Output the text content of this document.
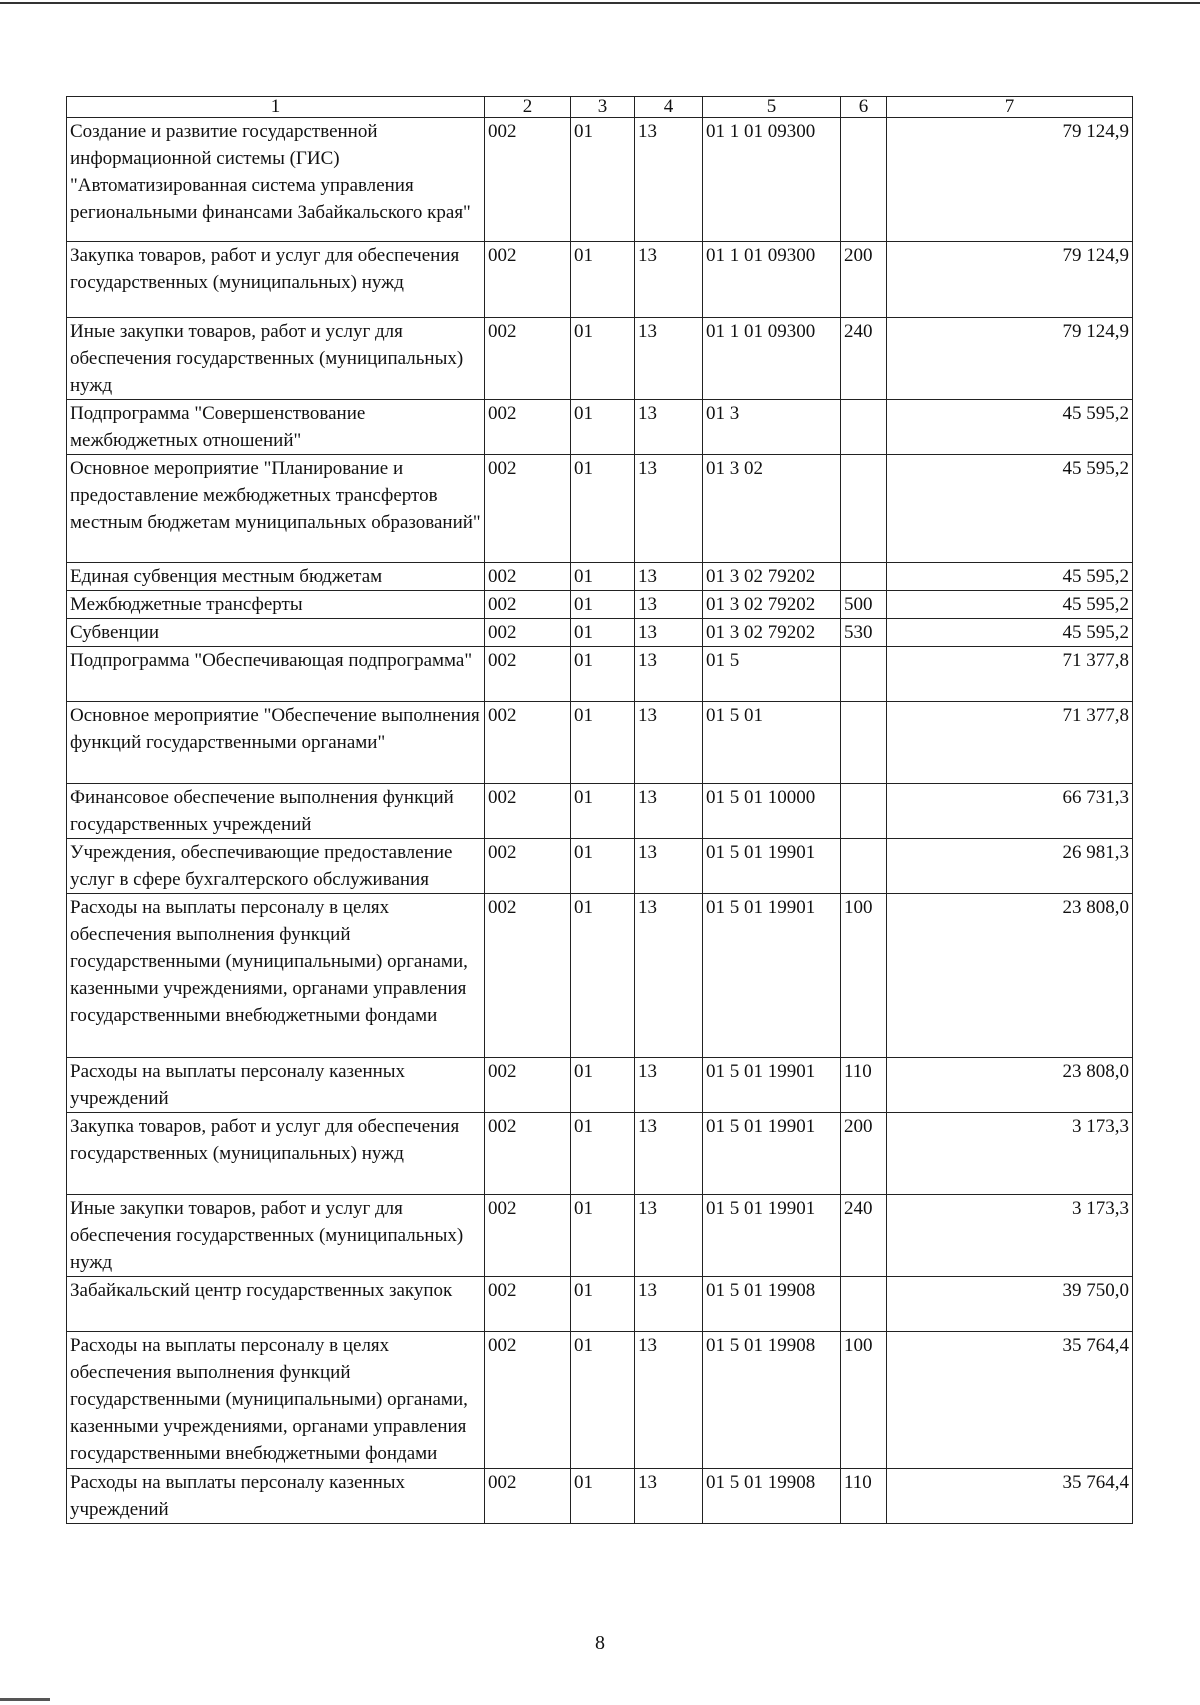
1	2	3	4	5	6	7
Создание и развитие государственной информационной системы (ГИС) "Автоматизированная система управления региональными финансами Забайкальского края"	002	01	13	01 1 01 09300		79 124,9
Закупка товаров, работ и услуг для обеспечения государственных (муниципальных) нужд	002	01	13	01 1 01 09300	200	79 124,9
Иные закупки товаров, работ и услуг для обеспечения государственных (муниципальных) нужд	002	01	13	01 1 01 09300	240	79 124,9
Подпрограмма "Совершенствование межбюджетных отношений"	002	01	13	01 3		45 595,2
Основное мероприятие "Планирование и предоставление межбюджетных трансфертов местным бюджетам муниципальных образований"	002	01	13	01 3 02		45 595,2
Единая субвенция местным бюджетам	002	01	13	01 3 02 79202		45 595,2
Межбюджетные трансферты	002	01	13	01 3 02 79202	500	45 595,2
Субвенции	002	01	13	01 3 02 79202	530	45 595,2
Подпрограмма "Обеспечивающая подпрограмма"	002	01	13	01 5		71 377,8
Основное мероприятие "Обеспечение выполнения функций государственными органами"	002	01	13	01 5 01		71 377,8
Финансовое обеспечение выполнения функций государственных учреждений	002	01	13	01 5 01 10000		66 731,3
Учреждения, обеспечивающие предоставление услуг в сфере бухгалтерского обслуживания	002	01	13	01 5 01 19901		26 981,3
Расходы на выплаты персоналу в целях обеспечения выполнения функций государственными (муниципальными) органами, казенными учреждениями, органами управления государственными внебюджетными фондами	002	01	13	01 5 01 19901	100	23 808,0
Расходы на выплаты персоналу казенных учреждений	002	01	13	01 5 01 19901	110	23 808,0
Закупка товаров, работ и услуг для обеспечения государственных (муниципальных) нужд	002	01	13	01 5 01 19901	200	3 173,3
Иные закупки товаров, работ и услуг для обеспечения государственных (муниципальных) нужд	002	01	13	01 5 01 19901	240	3 173,3
Забайкальский центр государственных закупок	002	01	13	01 5 01 19908		39 750,0
Расходы на выплаты персоналу в целях обеспечения выполнения функций государственными (муниципальными) органами, казенными учреждениями, органами управления государственными внебюджетными фондами	002	01	13	01 5 01 19908	100	35 764,4
Расходы на выплаты персоналу казенных учреждений	002	01	13	01 5 01 19908	110	35 764,4
8
